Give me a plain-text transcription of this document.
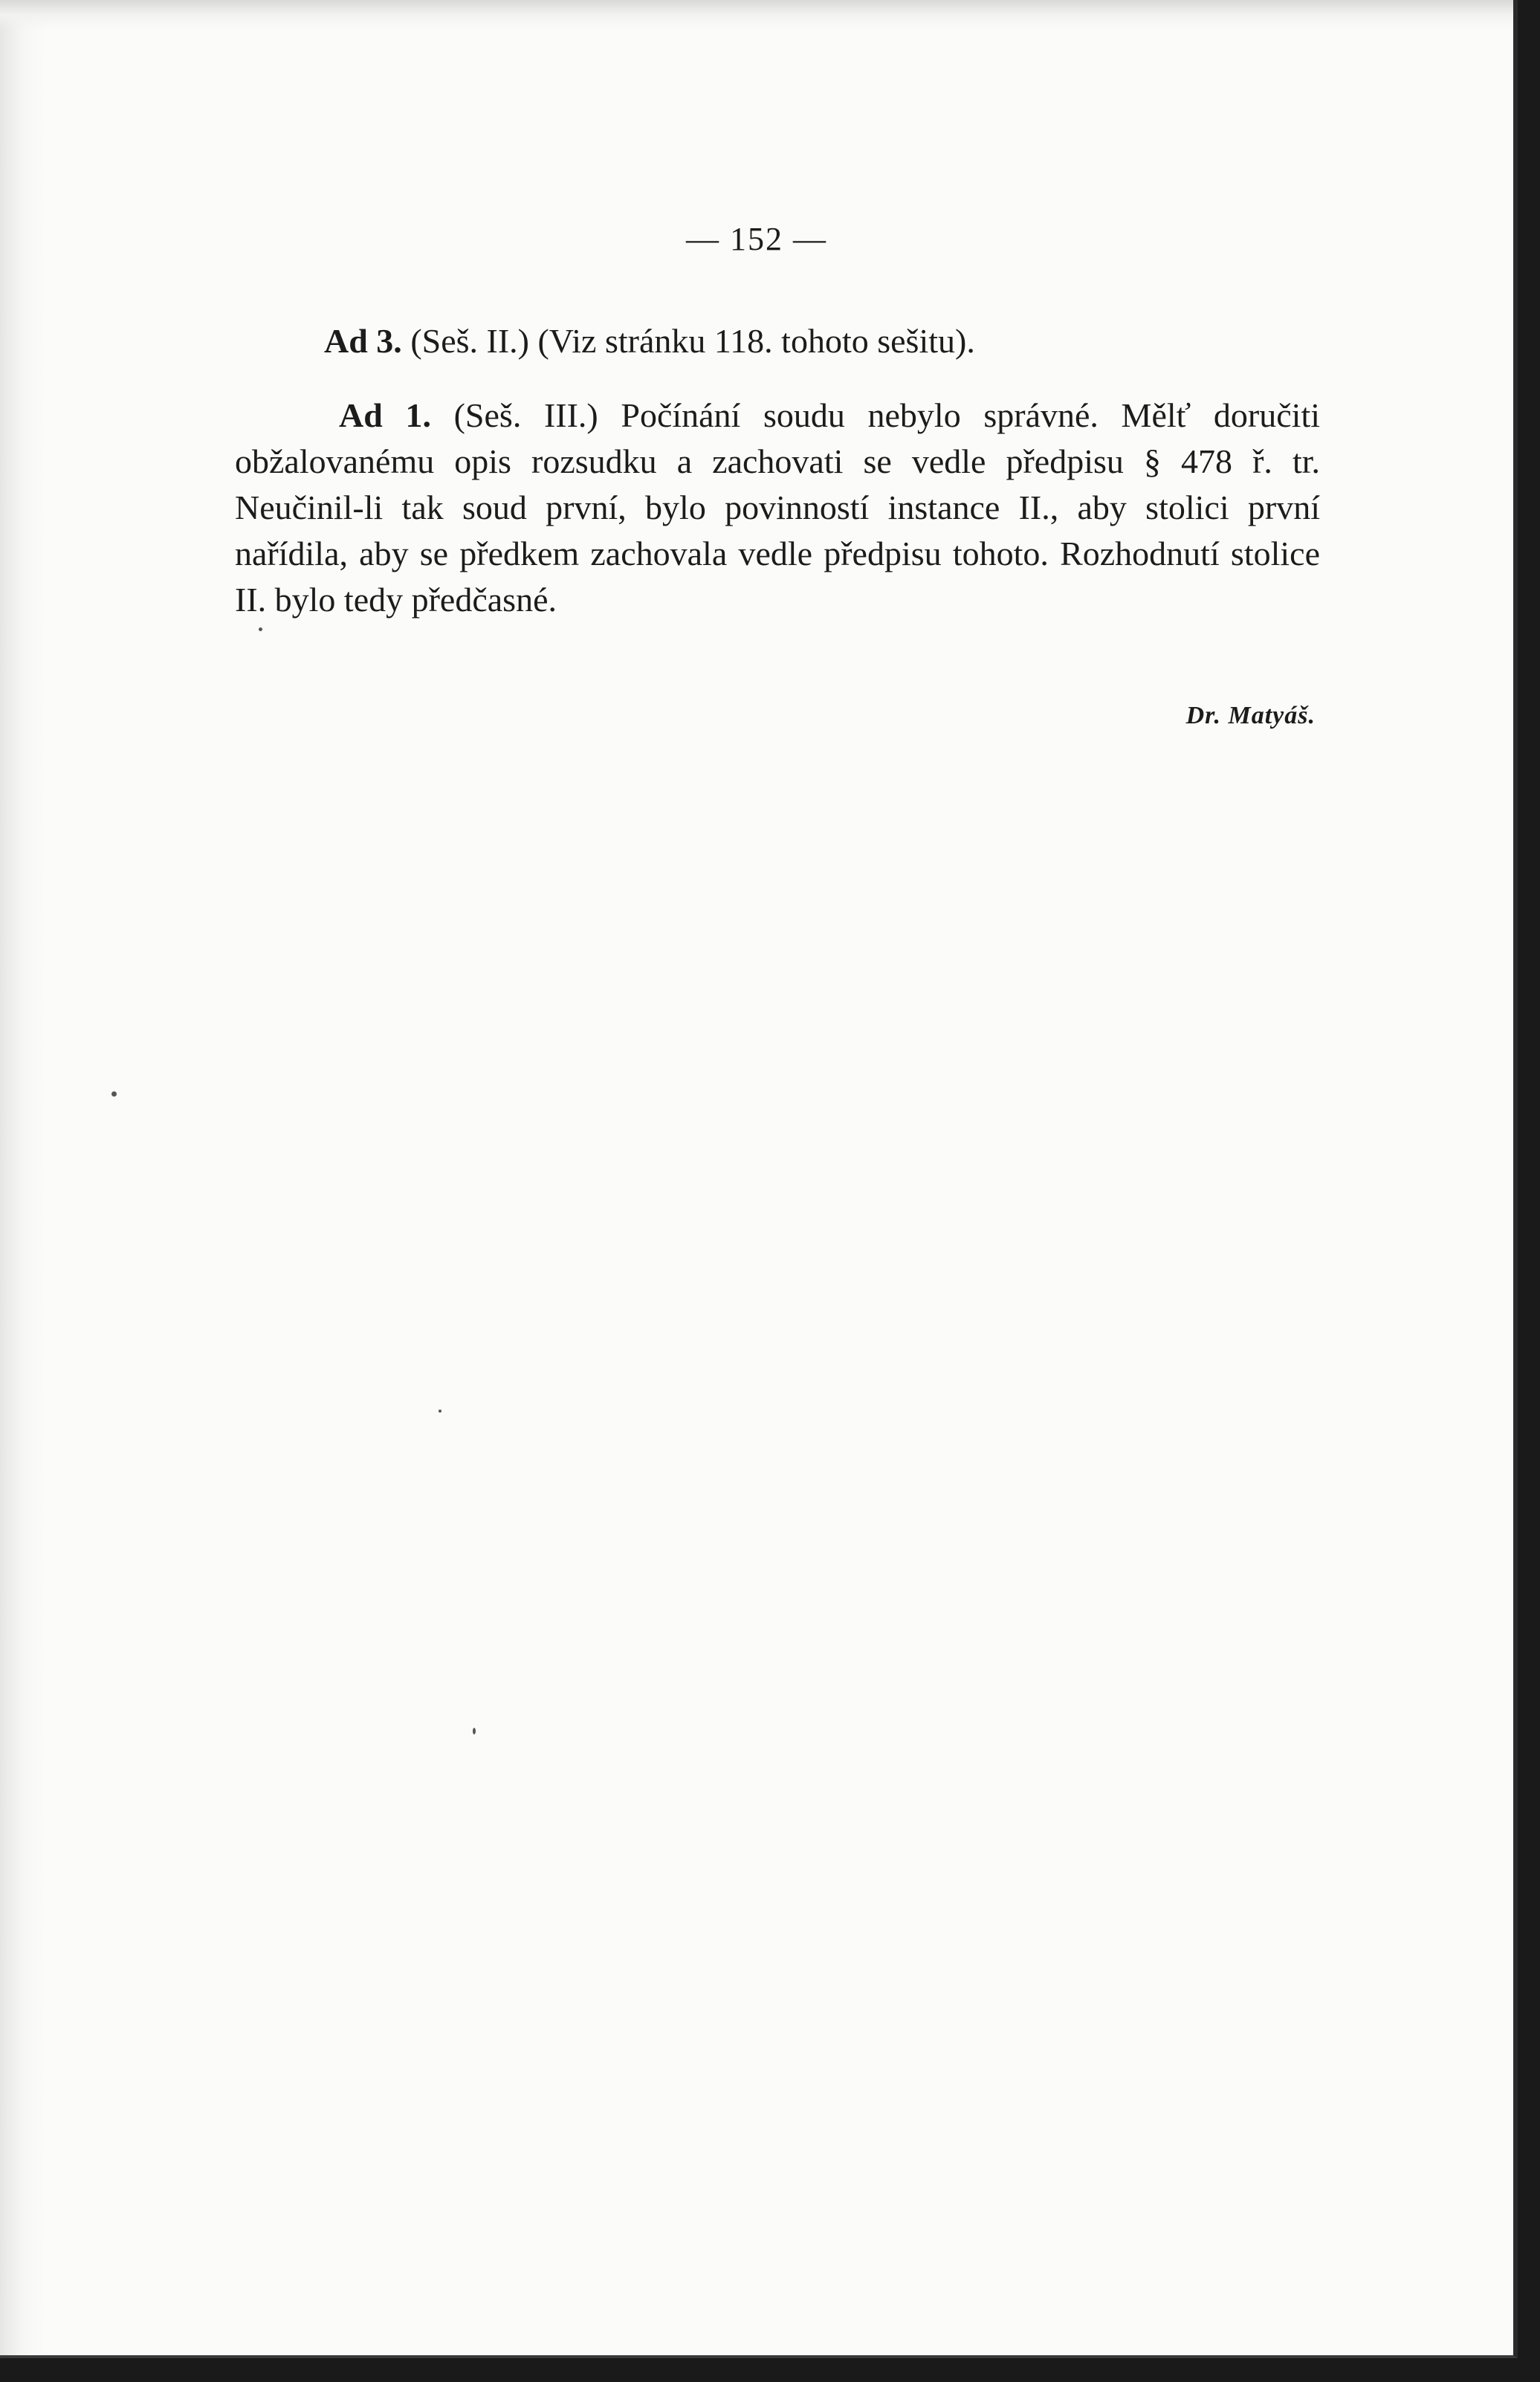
— 152 —

Ad 3. (Seš. II.) (Viz stránku 118. tohoto sešitu).

Ad 1. (Seš. III.) Počínání soudu nebylo správné. Mělť doručiti obžalovanému opis rozsudku a zachovati se vedle předpisu § 478 ř. tr. Neučinil-li tak soud první, bylo povinností instance II., aby stolici první nařídila, aby se předkem zachovala vedle předpisu tohoto. Rozhodnutí stolice II. bylo tedy předčasné.

Dr. Matyáš.
